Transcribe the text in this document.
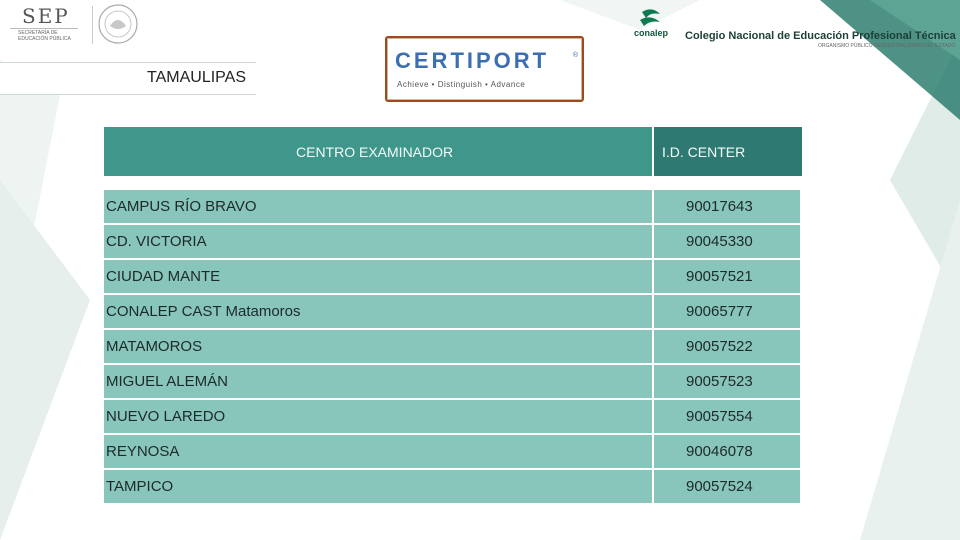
SEP
SECRETARÍA DE EDUCACIÓN PÚBLICA
conalep Colegio Nacional de Educación Profesional Técnica
ORGANISMO PÚBLICO DESCENTRALIZADO DEL ESTADO
TAMAULIPAS
CERTIPORT	®
Achieve • Distinguish • Advance
CENTRO EXAMINADOR	I.D. CENTER
CAMPUS RÍO BRAVO	90017643
CD. VICTORIA	90045330
CIUDAD MANTE	90057521
CONALEP CAST Matamoros	90065777
MATAMOROS	90057522
MIGUEL ALEMÁN	90057523
NUEVO LAREDO	90057554
REYNOSA	90046078
TAMPICO	90057524
